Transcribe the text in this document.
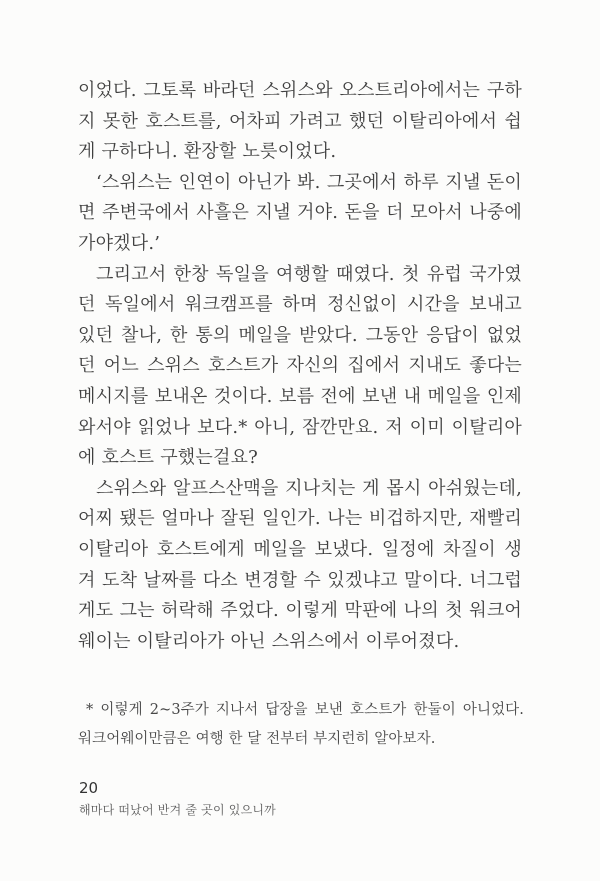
이었다. 그토록 바라던 스위스와 오스트리아에서는 구하지 못한 호스트를, 어차피 가려고 했던 이탈리아에서 쉽게 구하다니. 환장할 노릇이었다.

‘스위스는 인연이 아닌가 봐. 그곳에서 하루 지낼 돈이면 주변국에서 사흘은 지낼 거야. 돈을 더 모아서 나중에 가야겠다.’

그리고서 한창 독일을 여행할 때였다. 첫 유럽 국가였던 독일에서 워크캠프를 하며 정신없이 시간을 보내고 있던 찰나, 한 통의 메일을 받았다. 그동안 응답이 없었던 어느 스위스 호스트가 자신의 집에서 지내도 좋다는 메시지를 보내온 것이다. 보름 전에 보낸 내 메일을 인제 와서야 읽었나 보다.* 아니, 잠깐만요. 저 이미 이탈리아에 호스트 구했는걸요?

스위스와 알프스산맥을 지나치는 게 몹시 아쉬웠는데, 어찌 됐든 얼마나 잘된 일인가. 나는 비겁하지만, 재빨리 이탈리아 호스트에게 메일을 보냈다. 일정에 차질이 생겨 도착 날짜를 다소 변경할 수 있겠냐고 말이다. 너그럽게도 그는 허락해 주었다. 이렇게 막판에 나의 첫 워크어웨이는 이탈리아가 아닌 스위스에서 이루어졌다.

* 이렇게 2~3주가 지나서 답장을 보낸 호스트가 한둘이 아니었다. 워크어웨이만큼은 여행 한 달 전부터 부지런히 알아보자.
20
해마다 떠났어 반겨 줄 곳이 있으니까
